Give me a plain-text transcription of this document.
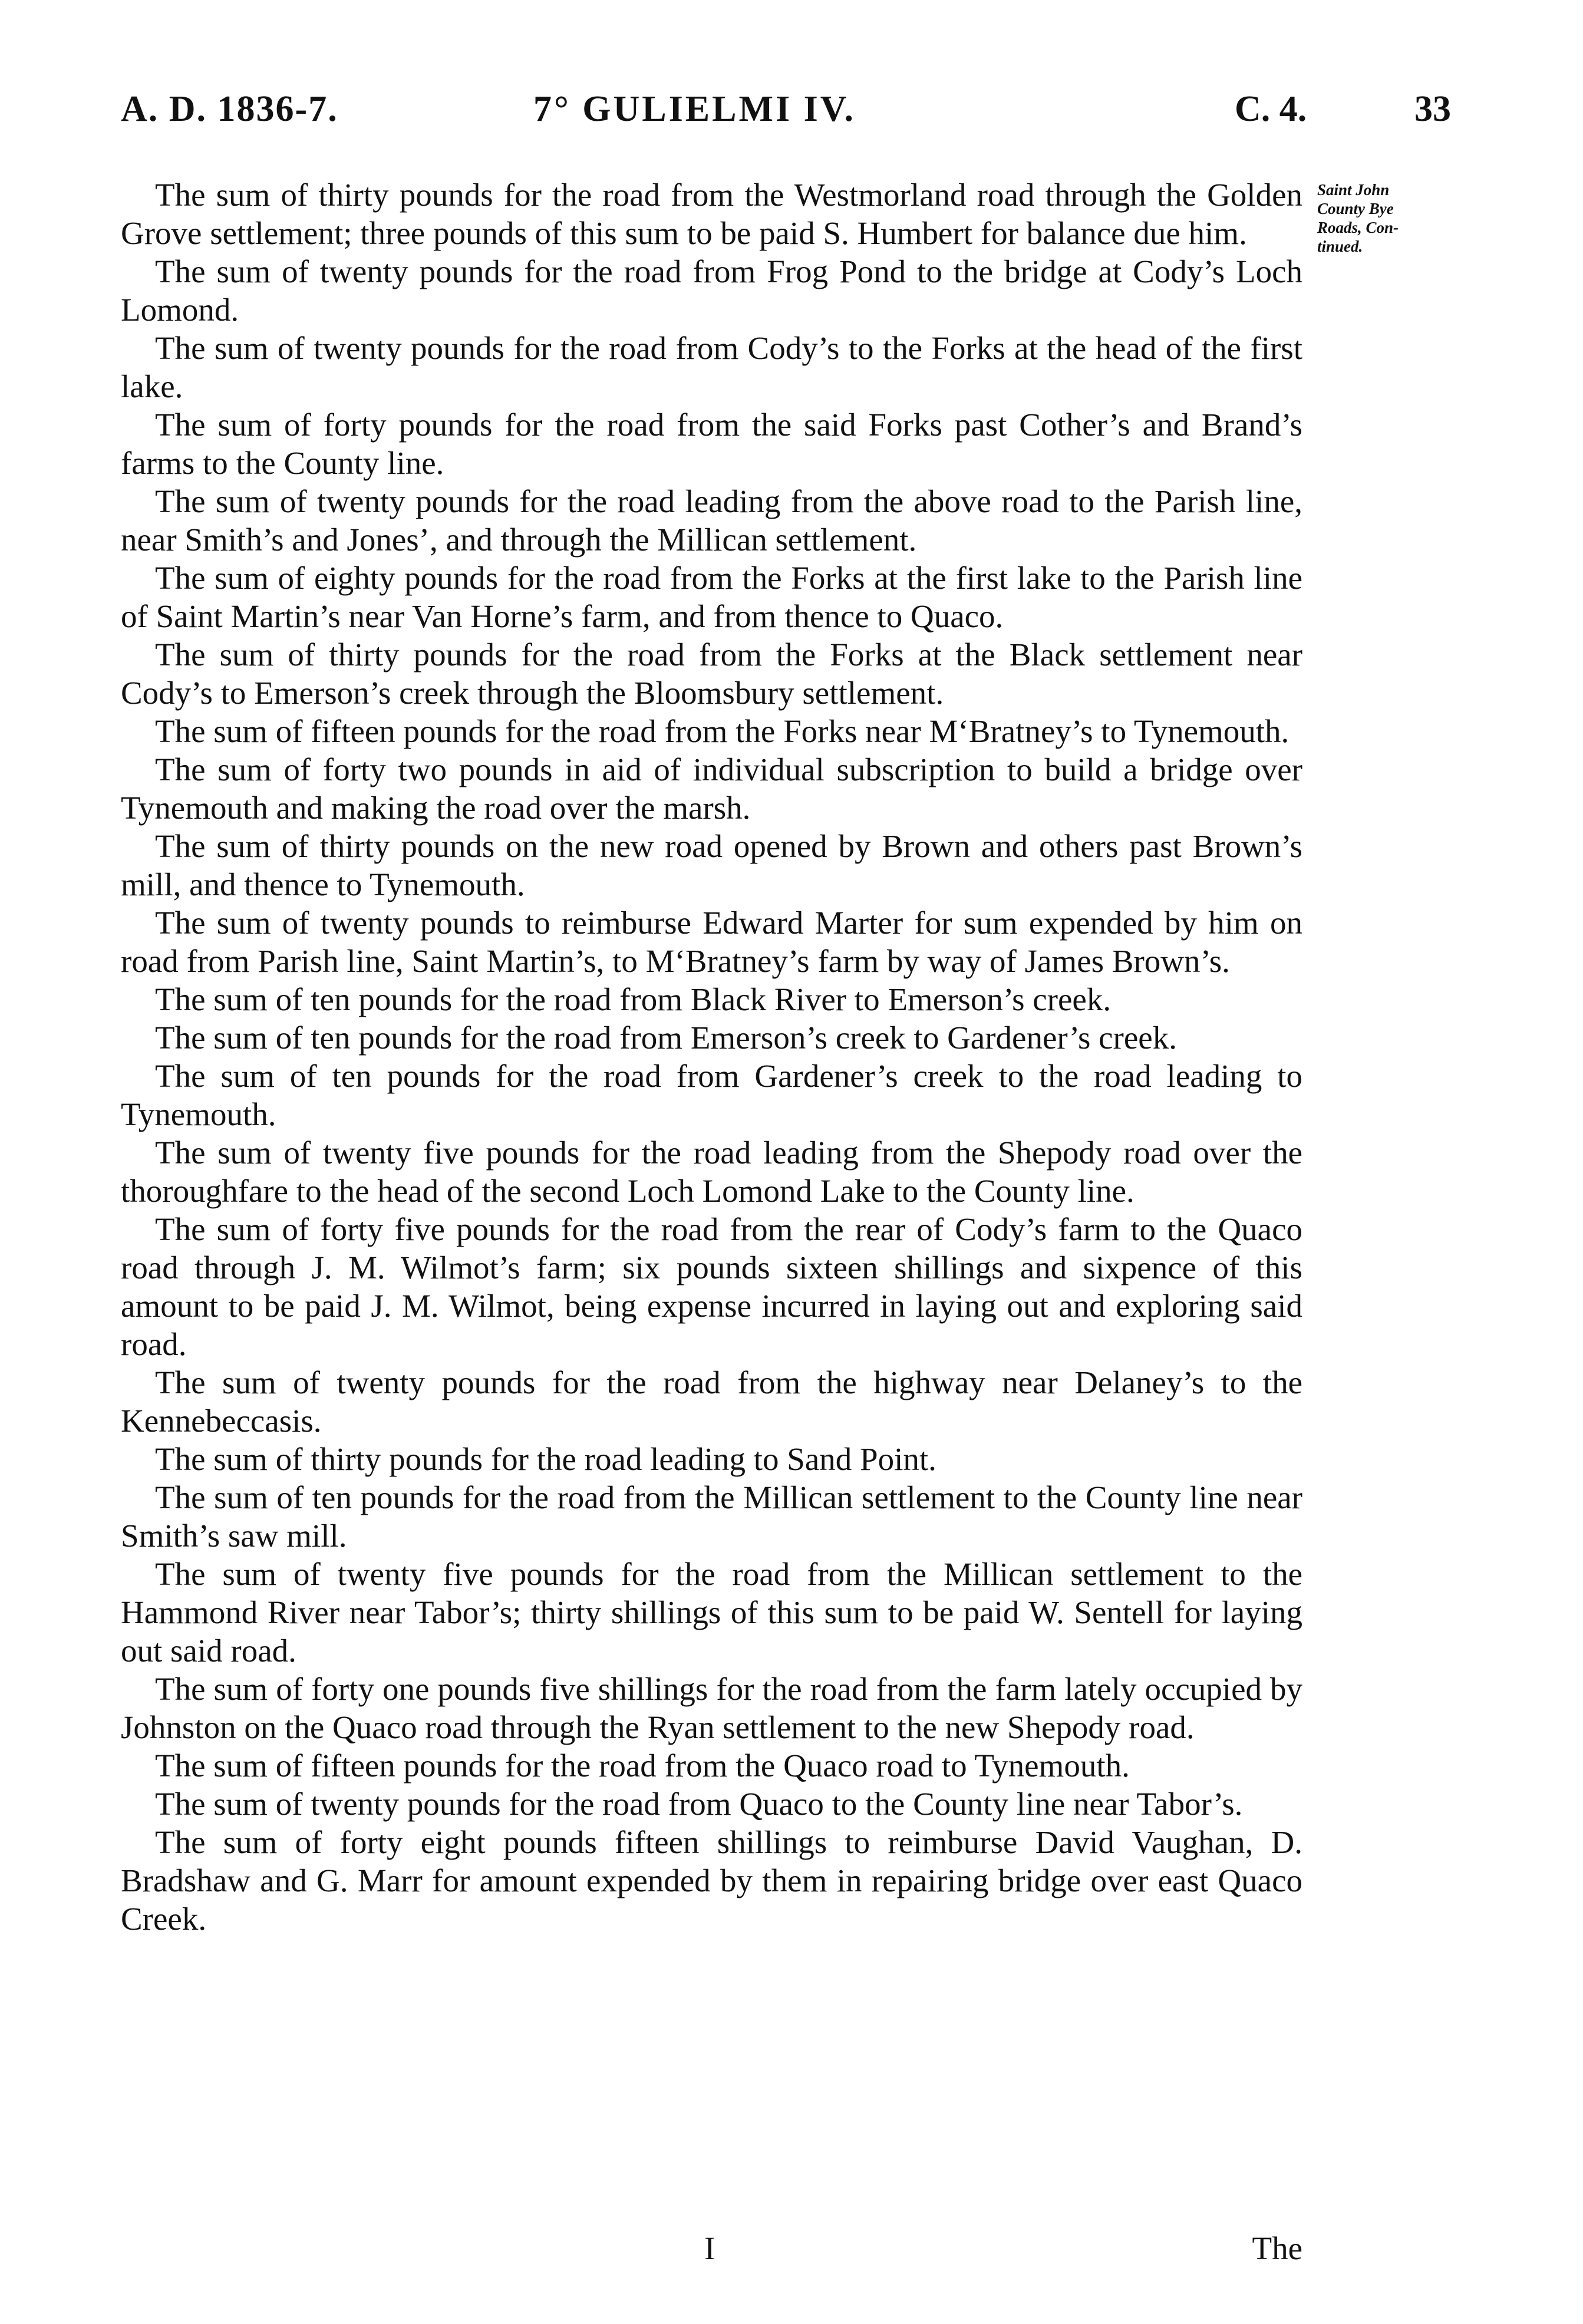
A. D. 1836-7.	7° GULIELMI IV.	C. 4.	33
Saint John
County Bye
Roads, Con-
tinued.

The sum of thirty pounds for the road from the Westmorland road through the Golden Grove settlement; three pounds of this sum to be paid S. Humbert for balance due him.

The sum of twenty pounds for the road from Frog Pond to the bridge at Cody’s Loch Lomond.

The sum of twenty pounds for the road from Cody’s to the Forks at the head of the first lake.

The sum of forty pounds for the road from the said Forks past Cother’s and Brand’s farms to the County line.

The sum of twenty pounds for the road leading from the above road to the Parish line, near Smith’s and Jones’, and through the Millican settlement.

The sum of eighty pounds for the road from the Forks at the first lake to the Parish line of Saint Martin’s near Van Horne’s farm, and from thence to Quaco.

The sum of thirty pounds for the road from the Forks at the Black settlement near Cody’s to Emerson’s creek through the Bloomsbury settlement.

The sum of fifteen pounds for the road from the Forks near M‘Bratney’s to Tynemouth.

The sum of forty two pounds in aid of individual subscription to build a bridge over Tynemouth and making the road over the marsh.

The sum of thirty pounds on the new road opened by Brown and others past Brown’s mill, and thence to Tynemouth.

The sum of twenty pounds to reimburse Edward Marter for sum expended by him on road from Parish line, Saint Martin’s, to M‘Bratney’s farm by way of James Brown’s.

The sum of ten pounds for the road from Black River to Emerson’s creek.

The sum of ten pounds for the road from Emerson’s creek to Gardener’s creek.

The sum of ten pounds for the road from Gardener’s creek to the road leading to Tynemouth.

The sum of twenty five pounds for the road leading from the Shepody road over the thoroughfare to the head of the second Loch Lomond Lake to the County line.

The sum of forty five pounds for the road from the rear of Cody’s farm to the Quaco road through J. M. Wilmot’s farm; six pounds sixteen shillings and sixpence of this amount to be paid J. M. Wilmot, being expense incurred in laying out and exploring said road.

The sum of twenty pounds for the road from the highway near Delaney’s to the Kennebeccasis.

The sum of thirty pounds for the road leading to Sand Point.

The sum of ten pounds for the road from the Millican settlement to the County line near Smith’s saw mill.

The sum of twenty five pounds for the road from the Millican settlement to the Hammond River near Tabor’s; thirty shillings of this sum to be paid W. Sentell for laying out said road.

The sum of forty one pounds five shillings for the road from the farm lately occupied by Johnston on the Quaco road through the Ryan settlement to the new Shepody road.

The sum of fifteen pounds for the road from the Quaco road to Tynemouth.

The sum of twenty pounds for the road from Quaco to the County line near Tabor’s.

The sum of forty eight pounds fifteen shillings to reimburse David Vaughan, D. Bradshaw and G. Marr for amount expended by them in repairing bridge over east Quaco Creek.

I	The
